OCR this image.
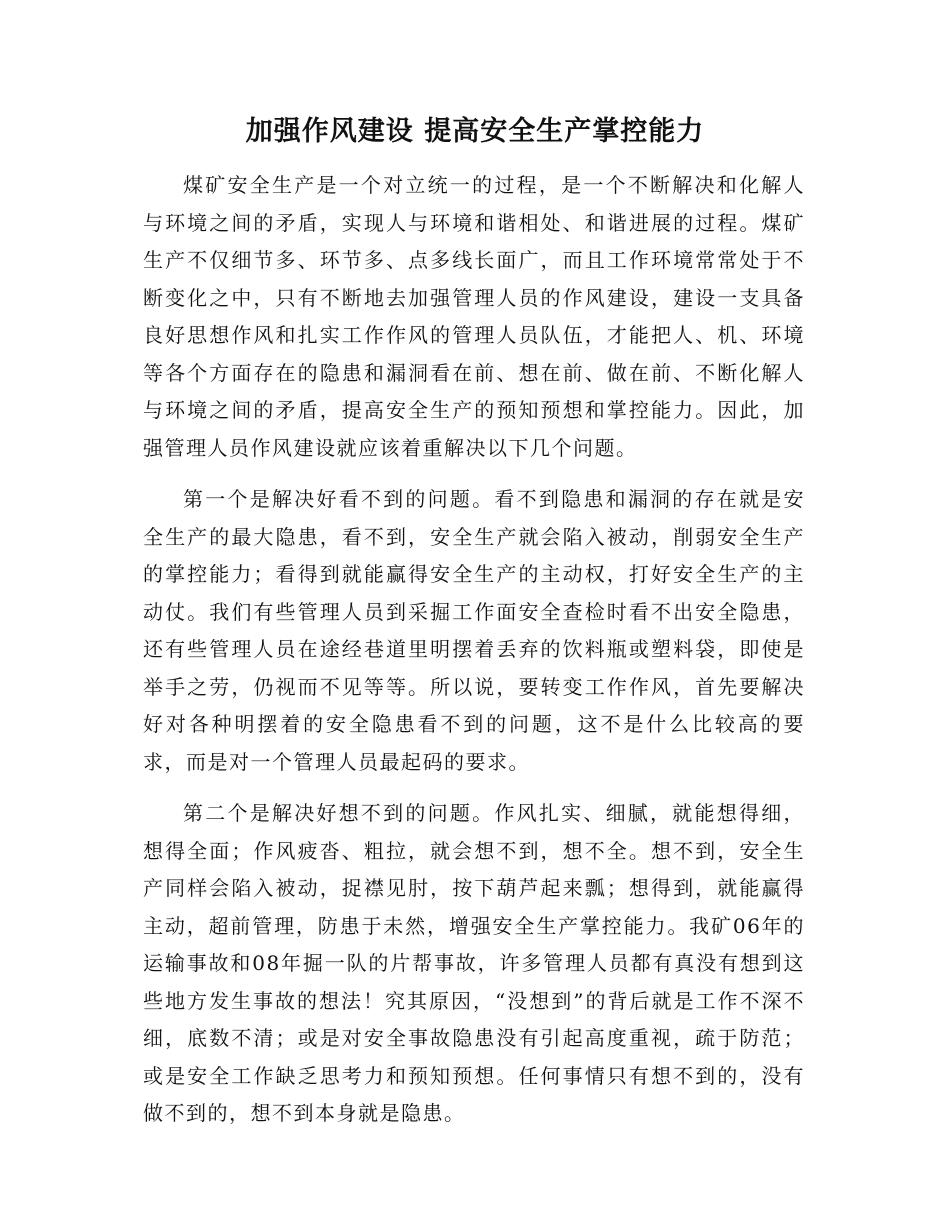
加强作风建设 提高安全生产掌控能力

煤矿安全生产是一个对立统一的过程，是一个不断解决和化解人与环境之间的矛盾，实现人与环境和谐相处、和谐进展的过程。煤矿生产不仅细节多、环节多、点多线长面广，而且工作环境常常处于不断变化之中，只有不断地去加强管理人员的作风建设，建设一支具备良好思想作风和扎实工作作风的管理人员队伍，才能把人、机、环境等各个方面存在的隐患和漏洞看在前、想在前、做在前、不断化解人与环境之间的矛盾，提高安全生产的预知预想和掌控能力。因此，加强管理人员作风建设就应该着重解决以下几个问题。

第一个是解决好看不到的问题。看不到隐患和漏洞的存在就是安全生产的最大隐患，看不到，安全生产就会陷入被动，削弱安全生产的掌控能力；看得到就能赢得安全生产的主动权，打好安全生产的主动仗。我们有些管理人员到采掘工作面安全查检时看不出安全隐患，还有些管理人员在途经巷道里明摆着丢弃的饮料瓶或塑料袋，即使是举手之劳，仍视而不见等等。所以说，要转变工作作风，首先要解决好对各种明摆着的安全隐患看不到的问题，这不是什么比较高的要求，而是对一个管理人员最起码的要求。

第二个是解决好想不到的问题。作风扎实、细腻，就能想得细，想得全面；作风疲沓、粗拉，就会想不到，想不全。想不到，安全生产同样会陷入被动，捉襟见肘，按下葫芦起来瓢；想得到，就能赢得主动，超前管理，防患于未然，增强安全生产掌控能力。我矿06年的运输事故和08年掘一队的片帮事故，许多管理人员都有真没有想到这些地方发生事故的想法！究其原因，“没想到”的背后就是工作不深不细，底数不清；或是对安全事故隐患没有引起高度重视，疏于防范；或是安全工作缺乏思考力和预知预想。任何事情只有想不到的，没有做不到的，想不到本身就是隐患。
